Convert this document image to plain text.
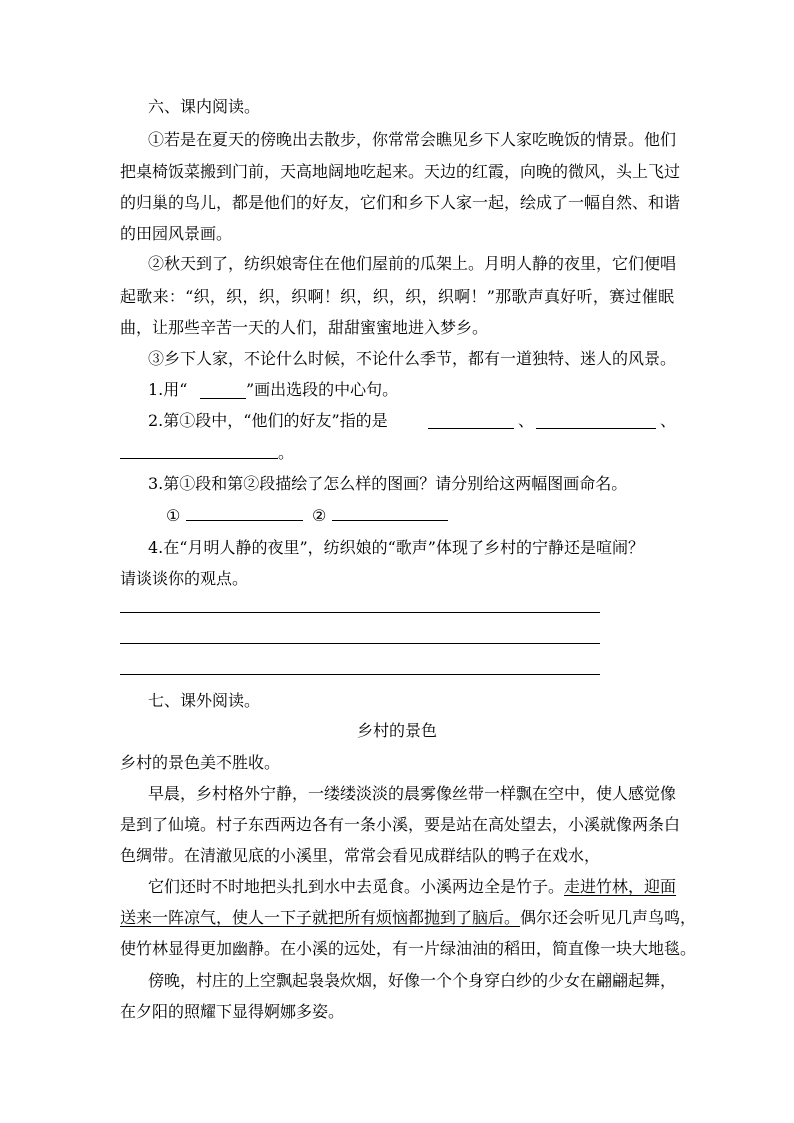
六、课内阅读。
①若是在夏天的傍晚出去散步，你常常会瞧见乡下人家吃晚饭的情景。他们
把桌椅饭菜搬到门前，天高地阔地吃起来。天边的红霞，向晚的微风，头上飞过
的归巢的鸟儿，都是他们的好友，它们和乡下人家一起，绘成了一幅自然、和谐
的田园风景画。
②秋天到了，纺织娘寄住在他们屋前的瓜架上。月明人静的夜里，它们便唱
起歌来：“织，织，织，织啊！织，织，织，织啊！”那歌声真好听，赛过催眠
曲，让那些辛苦一天的人们，甜甜蜜蜜地进入梦乡。
③乡下人家，不论什么时候，不论什么季节，都有一道独特、迷人的风景。
1.用“	”画出选段的中心句。
2.第①段中，“他们的好友”指的是	、	、
。
3.第①段和第②段描绘了怎么样的图画？请分别给这两幅图画命名。
①	②
4.在“月明人静的夜里”，纺织娘的“歌声”体现了乡村的宁静还是喧闹？
请谈谈你的观点。
七、课外阅读。
乡村的景色
乡村的景色美不胜收。
早晨，乡村格外宁静，一缕缕淡淡的晨雾像丝带一样飘在空中，使人感觉像
是到了仙境。村子东西两边各有一条小溪，要是站在高处望去，小溪就像两条白
色绸带。在清澈见底的小溪里，常常会看见成群结队的鸭子在戏水，
它们还时不时地把头扎到水中去觅食。小溪两边全是竹子。 走进竹林，迎面
送来一阵凉气，使人一下子就把所有烦恼都抛到了脑后。 偶尔还会听见几声鸟鸣，
使竹林显得更加幽静。在小溪的远处，有一片绿油油的稻田，简直像一块大地毯。
傍晚，村庄的上空飘起袅袅炊烟，好像一个个身穿白纱的少女在翩翩起舞，
在夕阳的照耀下显得婀娜多姿。
